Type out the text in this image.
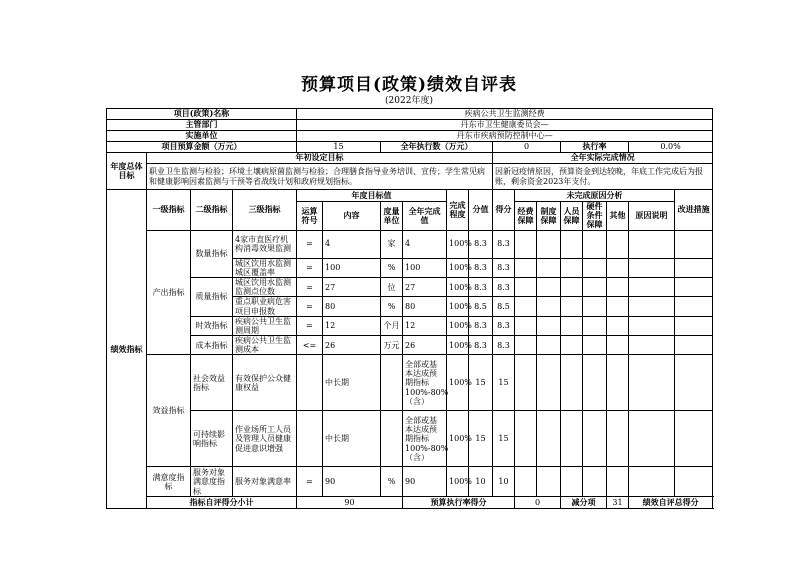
预算项目(政策)绩效自评表
(2022年度)
项目(政策)名称				疾病公共卫生监测经费														
主管部门				丹东市卫生健康委员会—														
实施单位				丹东市疾病预防控制中心—														
项目预算金额（万元）				15		全年执行数（万元）				0			执行率			0.0%		
年度总体目标	年初设定目标									全年实际完成情况								
	职业卫生监测与检验；环境土壤病原菌监测与检验；合理膳食指导业务培训、宣传；学生常见病和健康影响因素监测与干预等省战线计划和政府规划指标。									因新冠疫情原因，预算资金到达较晚，年底工作完成后为报账，剩余资金2023年支付。								
绩效指标	一级指标	二级指标	三级指标	年度目标值				完成程度	分值	得分	未完成原因分析						改进措施	
				运算符号	内容	度量单位	全年完成值				经费保障	制度保障	人员保障	硬件条件保障	其他	原因说明		
	产出指标	数量指标	4家市直医疗机构消毒效果监测	=	4	家	4	100%	8.3	8.3								
			城区饮用水监测城区覆盖率	=	100	%	100	100%	8.3	8.3								
		质量指标	城区饮用水监测监测点位数	=	27	位	27	100%	8.3	8.3								
			重点职业病危害项目申报数	=	80	%	80	100%	8.5	8.5								
		时效指标	疾病公共卫生监测周期	=	12	个月	12	100%	8.3	8.3								
		成本指标	疾病公共卫生监测成本	<=	26	万元	26	100%	8.3	8.3								
	效益指标	社会效益指标	有效保护公众健康权益		中长期		全部或基本达成预期指标100%-80%（含）	100%	15	15								
		可持续影响指标	作业场所工人员及管理人员健康促进意识增强		中长期		全部或基本达成预期指标100%-80%（含）	100%	15	15								
	满意度指标	服务对象满意度指标	服务对象满意率	=	90	%	90	100%	10	10								
	指标自评得分小计			90			预算执行率得分				0		减分项		31	绩效自评总得分	
